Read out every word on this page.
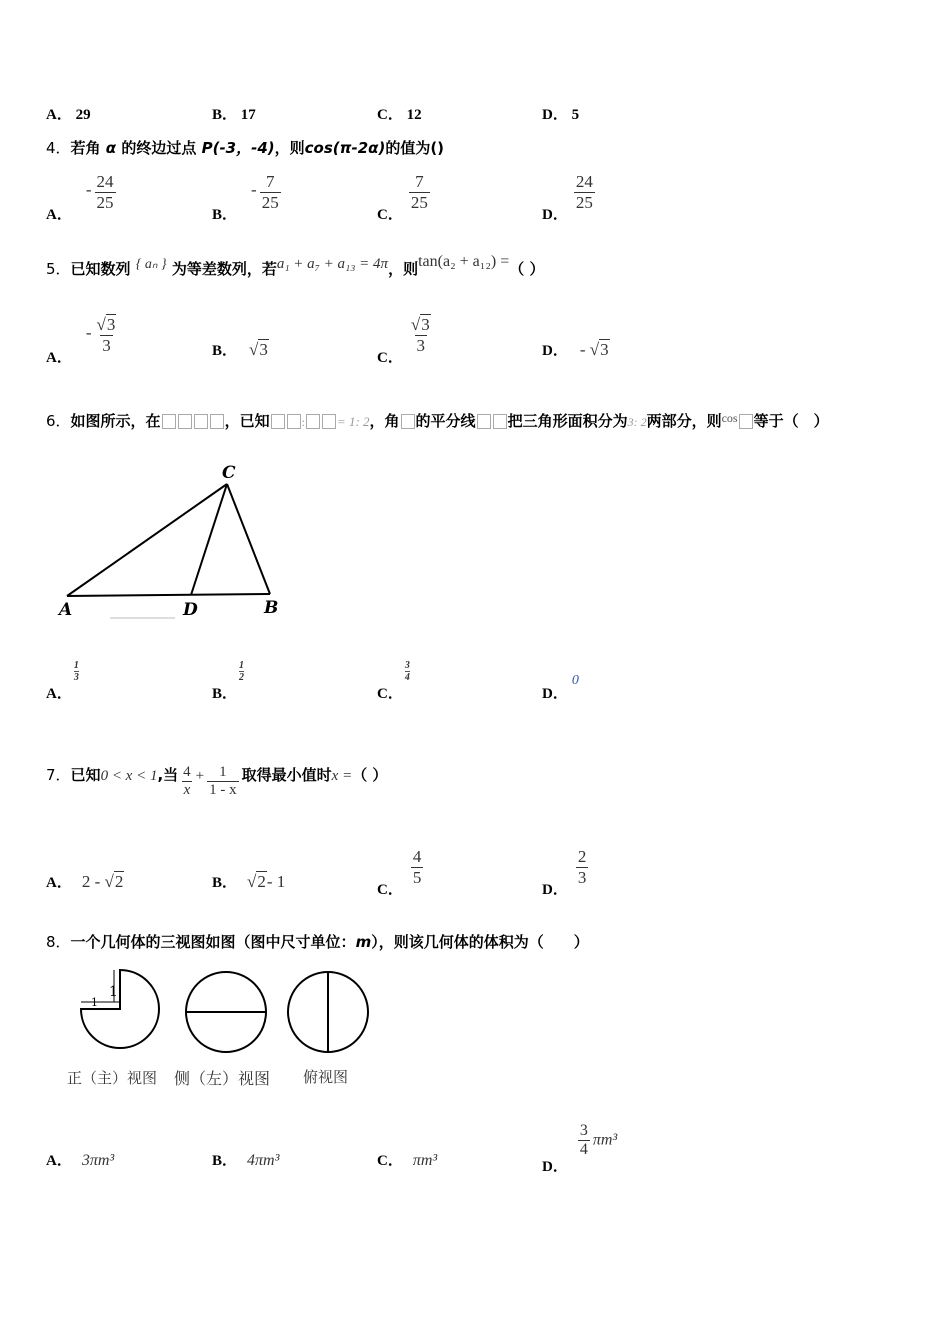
A． 29	B． 17	C． 12	D． 5
4．若角 α 的终边过点 P(-3，-4)，则cos(π-2α)的值为()
A．- $\frac{24}{25}$
B．- $\frac{7}{25}$
C．
$\frac{7}{25}$
D．
$\frac{24}{25}$
5．已知数列 { aₙ } 为等差数列，若a₁ + a₇ + a₁₃ = 4π，则tan(a₂ + a₁₂) =（ ）
A．- $\frac{√3}{3}$	B． √3	C．
$\frac{√3}{3}$	D． - √3
6．如图所示，在	，已知	: = 1: 2，角 的平分线 把三角形面积分为3: 2两部分，则$^{cos}$ 等于（　）
C
A	D	B
A．
$\frac{1}{3}$
B．
$\frac{1}{2}$
C．
$\frac{3}{4}$
D．0
7．已知0 < x < 1,当 $\frac{4}{x} + \frac{1}{1 - x}$ 取得最小值时x =（ ）
A． 2 - √2	B． √2- 1	C．
$\frac{4}{5}$
D．
$\frac{2}{3}$
8．一个几何体的三视图如图（图中尺寸单位：m），则该几何体的体积为（　　）
1
1
正（主）视图 侧（左）视图 俯视图
A． 3πm³	B． 4πm³	C． πm³	D．
$\frac{3}{4} \pi m^3$
